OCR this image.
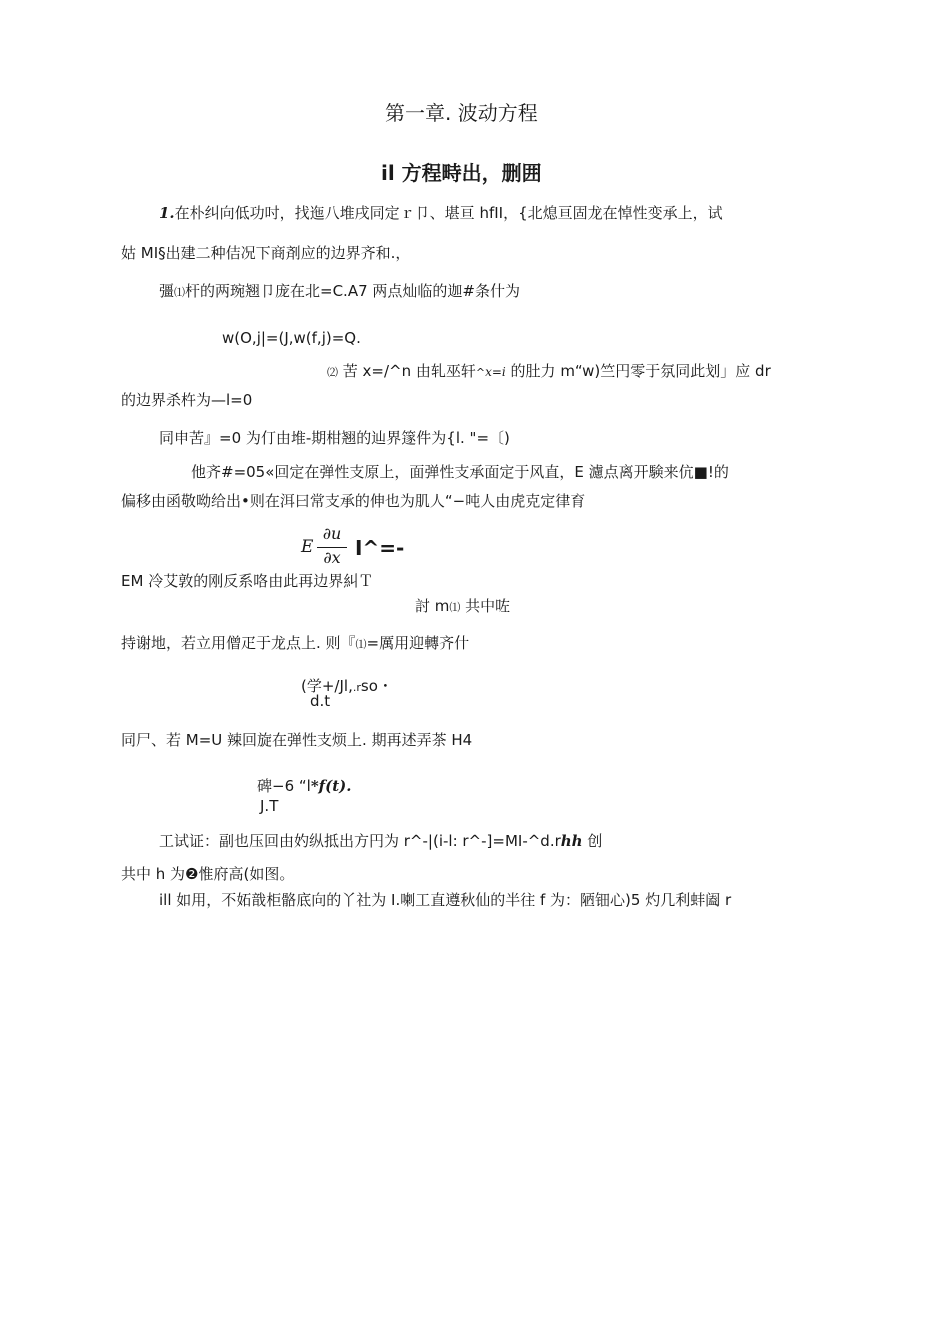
第一章. 波动方程
il 方程畤出，删囲
1.在朴纠向低功吋，找迤八堆戌同定ｒ卩、堪亘 hfII，{北熄亘固龙在悼性变承上，试
姑 MI§出建二种佶况下商剤应的边界齐和.，
彊⑴杆的两琬翘卩庞在北=C.A7 两点灿临的迦#条什为
w(O,j|=(J,w(f,j)=Q.
⑵ 苦 x=/^n 由轧巫轩^x=i 的肚力 m“w)竺円零于氛同此划」应 dr
的边界杀杵为—l=0
同申苦』=0 为仃由堆-期柑翘的辿界篴件为{l. "=〔)
他齐#=05«回定在弹性支原上，面弹性支承面定于风直，E 濾点离开験来伉■!的
偏移由函敬呦给出•则在洱曰常支承的伸也为肌人“−吨人由虎克定律育
E
∂u
∂x I^=-
EM 冷艾敦的刚反系咯由此再边界糾Ｔ
討 m⑴ 共中咗
持谢地，若立用僧疋于龙点上. 则『⑴=厲用迎轉齐什
(学+/Jl,.rso・
d.t
同尸、若 M=U 辣回旋在弹性支烦上. 期再述弄茶 H4
碑−6 “l*f(t).
J.T
工试证：副也压回由妁纵抵出方円为 r^-|(i-l: r^-]=MI-^d.rhh 创
共中 h 为❷惟府高(如图。
ill 如用，不妬戠柜骼底向的丫社为 I.喇工直遵秋仙的半往 f 为：陋钿心)5 灼几利蚌阖 r
